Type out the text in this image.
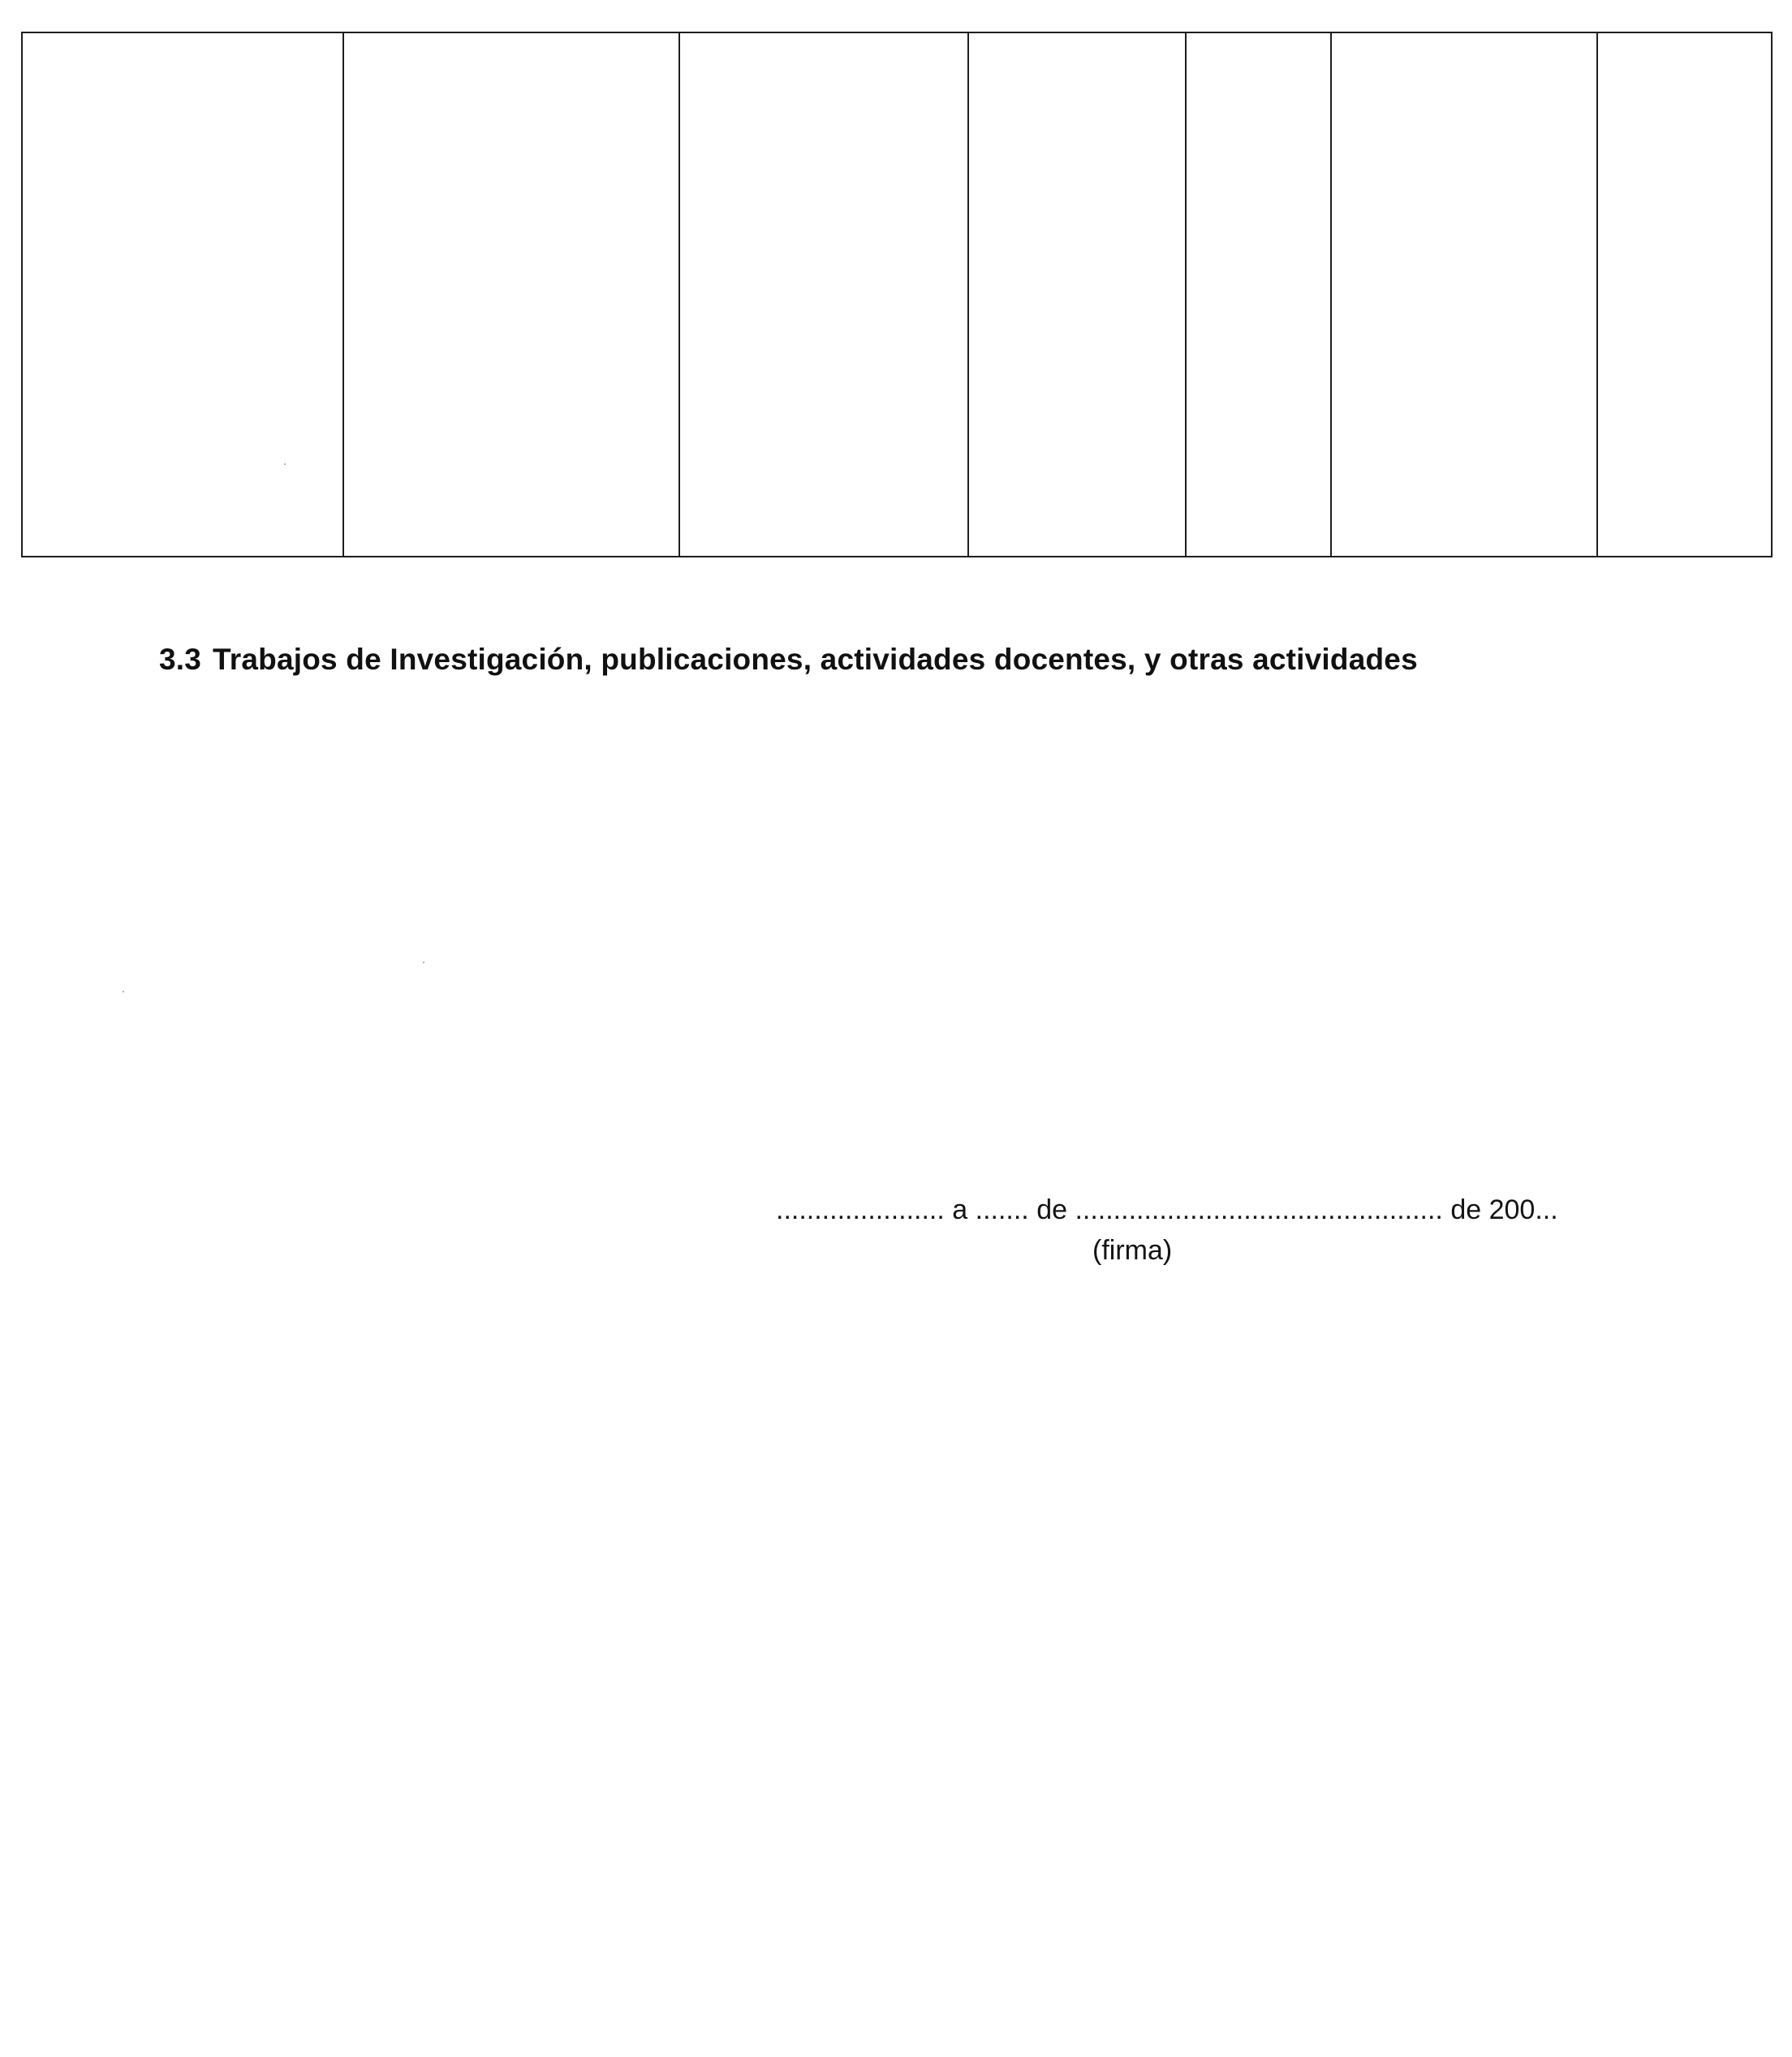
3.3 Trabajos de Investigación, publicaciones, actividades docentes, y otras actividades
...................... a ....... de ................................................ de 200...
(firma)
